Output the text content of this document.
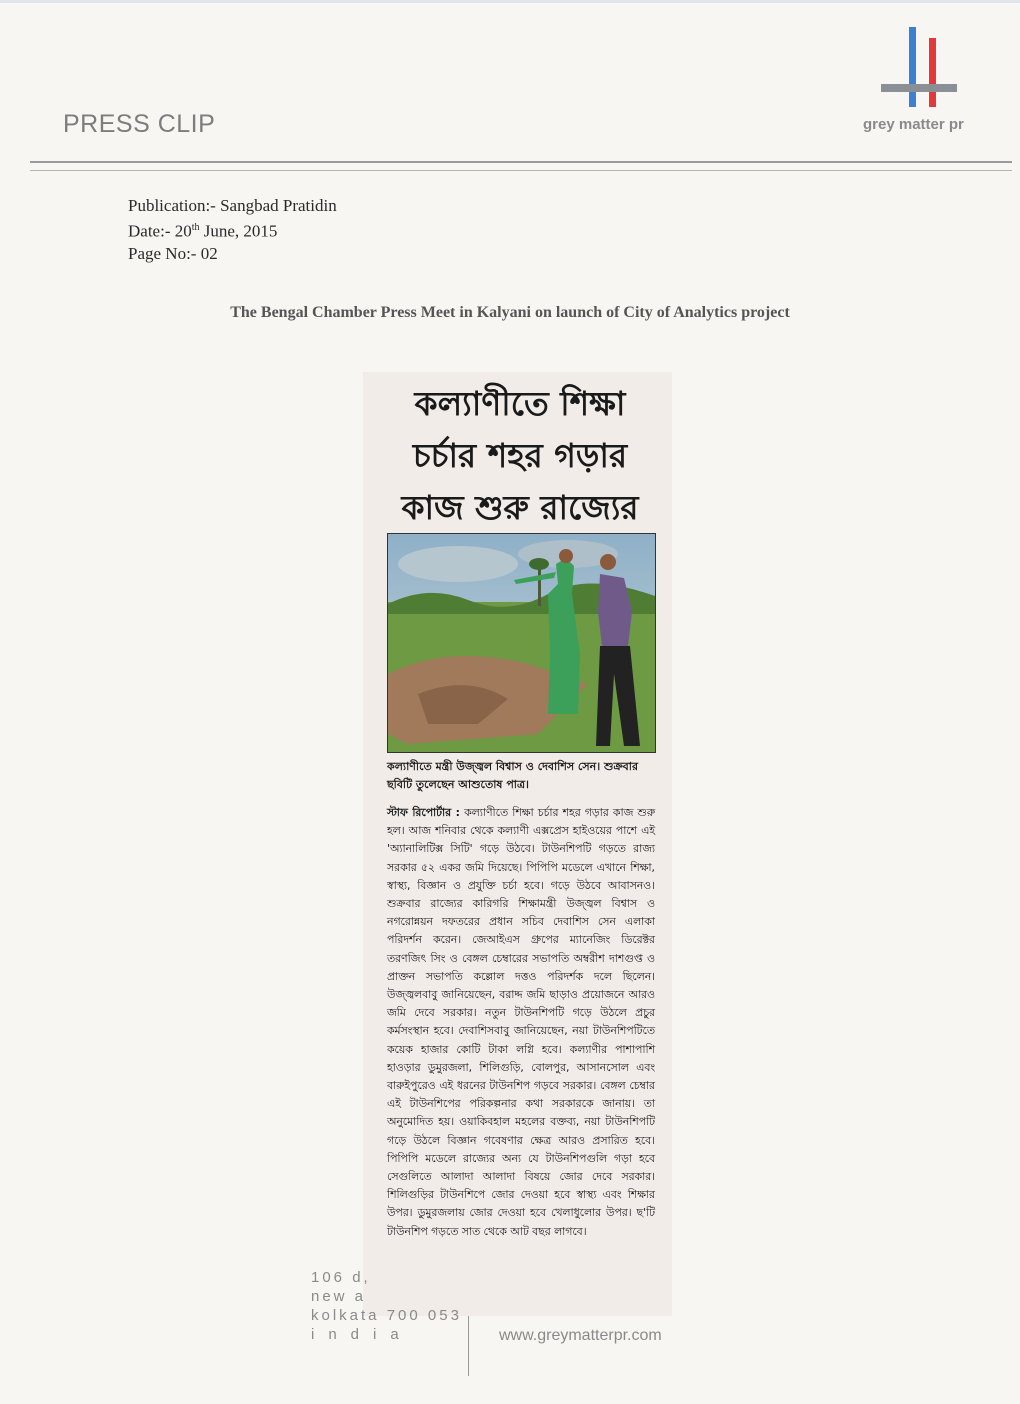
PRESS CLIP	grey matter pr
Publication:- Sangbad Pratidin
Date:- 20th June, 2015
Page No:- 02
The Bengal Chamber Press Meet in Kalyani on launch of City of Analytics project
কল্যাণীতে শিক্ষা
চর্চার শহর গড়ার
কাজ শুরু রাজ্যের
কল্যাণীতে মন্ত্রী উজ্জ্বল বিশ্বাস ও দেবাশিস সেন। শুক্রবার ছবিটি তুলেছেন আশুতোষ পাত্র।
স্টাফ রিপোর্টার : কল্যাণীতে শিক্ষা চর্চার শহর গড়ার কাজ শুরু হল। আজ শনিবার থেকে কল্যাণী এক্সপ্রেস হাইওয়ের পাশে এই 'অ্যানালিটিক্স সিটি' গড়ে উঠবে। টাউনশিপটি গড়তে রাজ্য সরকার ৫২ একর জমি দিয়েছে। পিপিপি মডেলে এখানে শিক্ষা, স্বাস্থ্য, বিজ্ঞান ও প্রযুক্তি চর্চা হবে। গড়ে উঠবে আবাসনও। শুক্রবার রাজ্যের কারিগরি শিক্ষামন্ত্রী উজ্জ্বল বিশ্বাস ও নগরোন্নয়ন দফতরের প্রধান সচিব দেবাশিস সেন এলাকা পরিদর্শন করেন। জেআইএস গ্রুপের ম্যানেজিং ডিরেক্টর তরণজিৎ সিং ও বেঙ্গল চেম্বারের সভাপতি অম্বরীশ দাশগুপ্ত ও প্রাক্তন সভাপতি কল্লোল দত্তও পরিদর্শক দলে ছিলেন। উজ্জ্বলবাবু জানিয়েছেন, বরাদ্দ জমি ছাড়াও প্রয়োজনে আরও জমি দেবে সরকার। নতুন টাউনশিপটি গড়ে উঠলে প্রচুর কর্মসংস্থান হবে। দেবাশিসবাবু জানিয়েছেন, নয়া টাউনশিপটিতে কয়েক হাজার কোটি টাকা লগ্নি হবে। কল্যাণীর পাশাপাশি হাওড়ার ডুমুরজলা, শিলিগুড়ি, বোলপুর, আসানসোল এবং বারুইপুরেও এই ধরনের টাউনশিপ গড়বে সরকার। বেঙ্গল চেম্বার এই টাউনশিপের পরিকল্পনার কথা সরকারকে জানায়। তা অনুমোদিত হয়। ওয়াকিবহাল মহলের বক্তব্য, নয়া টাউনশিপটি গড়ে উঠলে বিজ্ঞান গবেষণার ক্ষেত্র আরও প্রসারিত হবে। পিপিপি মডেলে রাজ্যের অন্য যে টাউনশিপগুলি গড়া হবে সেগুলিতে আলাদা আলাদা বিষয়ে জোর দেবে সরকার। শিলিগুড়ির টাউনশিপে জোর দেওয়া হবে স্বাস্থ্য এবং শিক্ষার উপর। ডুমুরজলায় জোর দেওয়া হবে খেলাধুলোর উপর। ছ'টি টাউনশিপ গড়তে সাত থেকে আট বছর লাগবে।
106 d,
new a
kolkata 700 053
india	www.greymatterpr.com
